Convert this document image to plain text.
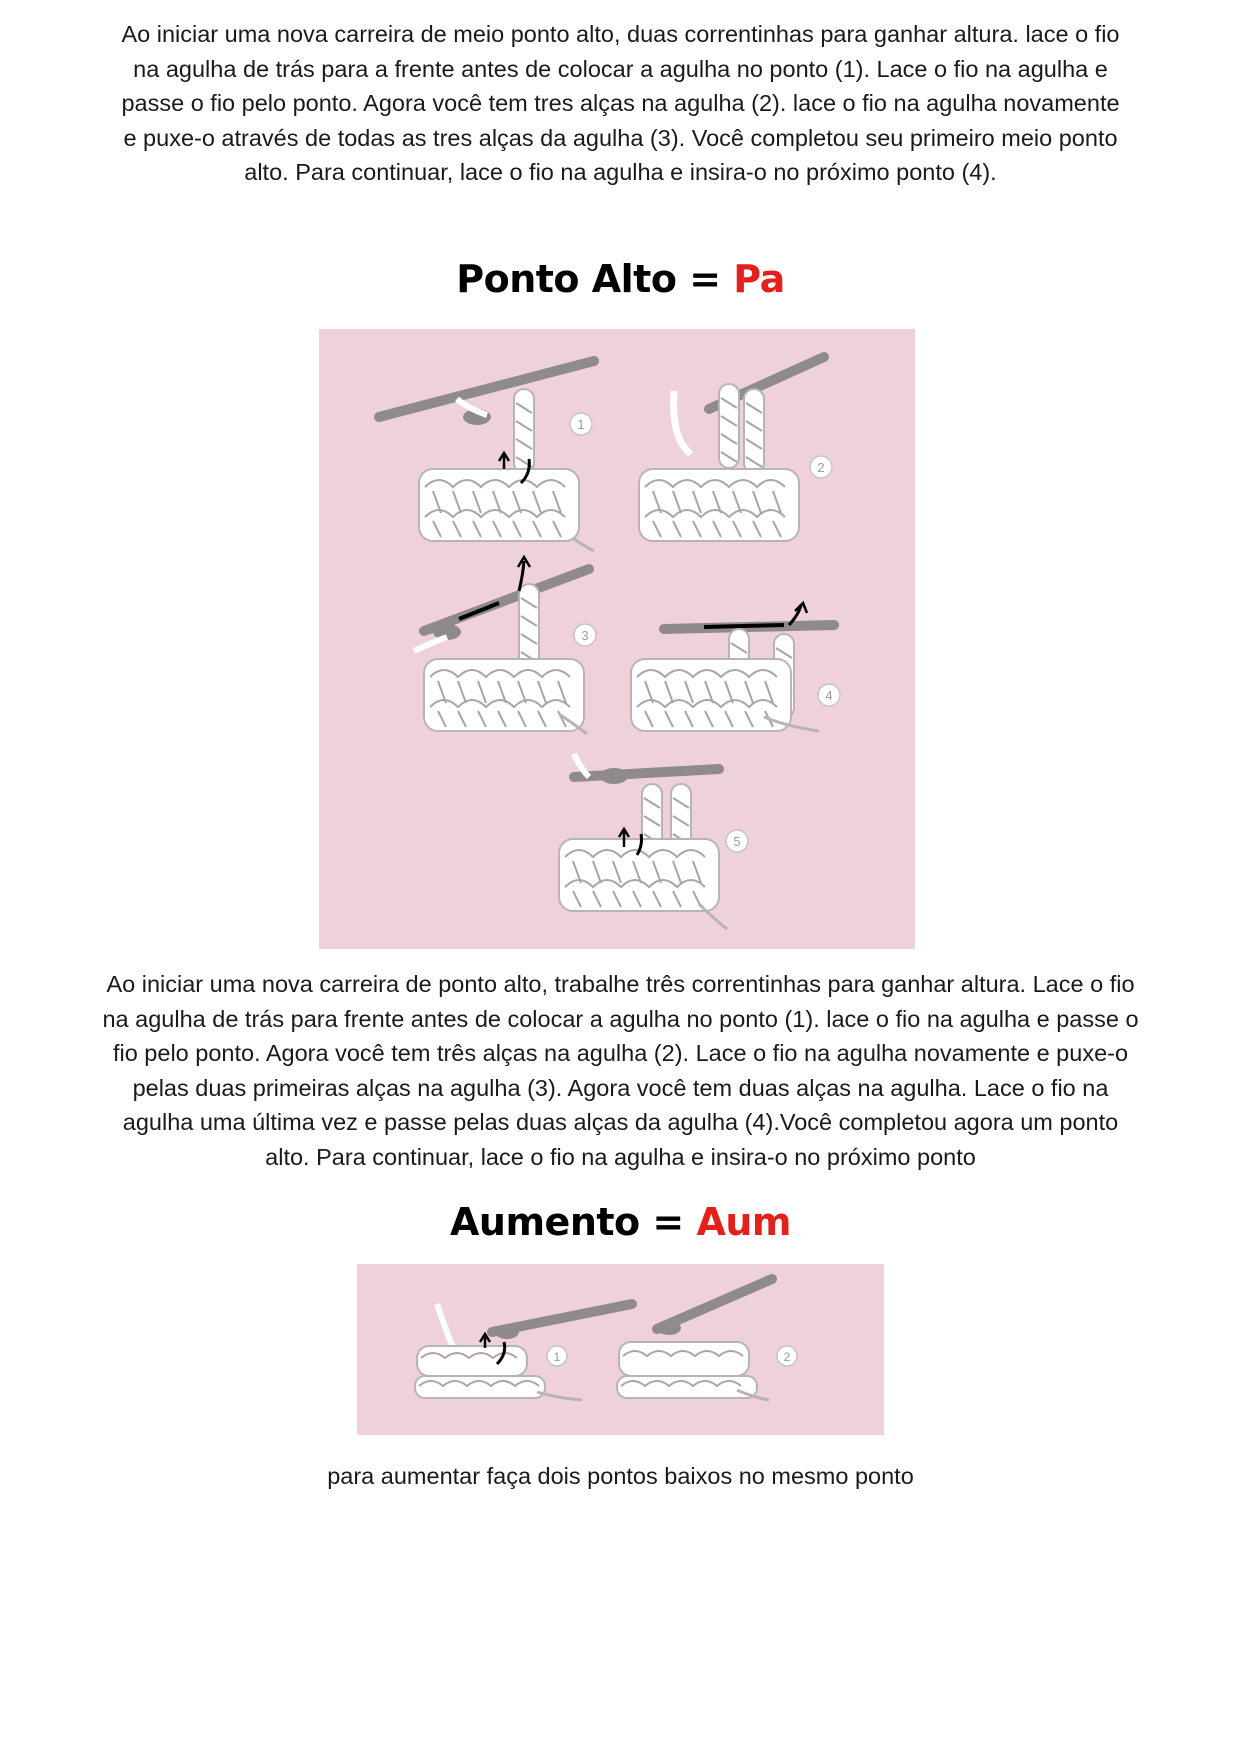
Ao iniciar uma nova carreira de meio ponto alto, duas correntinhas para ganhar altura. lace o fio
na agulha de trás para a frente antes de colocar a agulha no ponto (1). Lace o fio na agulha e
passe o fio pelo ponto. Agora você tem tres alças na agulha (2). lace o fio na agulha novamente
e puxe-o através de todas as tres alças da agulha (3). Você completou seu primeiro meio ponto
alto. Para continuar, lace o fio na agulha e insira-o no próximo ponto (4).

Ponto Alto = Pa
1
2
3
4
5

Ao iniciar uma nova carreira de ponto alto, trabalhe três correntinhas para ganhar altura. Lace o fio
na agulha de trás para frente antes de colocar a agulha no ponto (1). lace o fio na agulha e passe o
fio pelo ponto. Agora você tem três alças na agulha (2). Lace o fio na agulha novamente e puxe-o
pelas duas primeiras alças na agulha (3). Agora você tem duas alças na agulha. Lace o fio na
agulha uma última vez e passe pelas duas alças da agulha (4).Você completou agora um ponto
alto. Para continuar, lace o fio na agulha e insira-o no próximo ponto

Aumento = Aum
1	2

para aumentar faça dois pontos baixos no mesmo ponto
